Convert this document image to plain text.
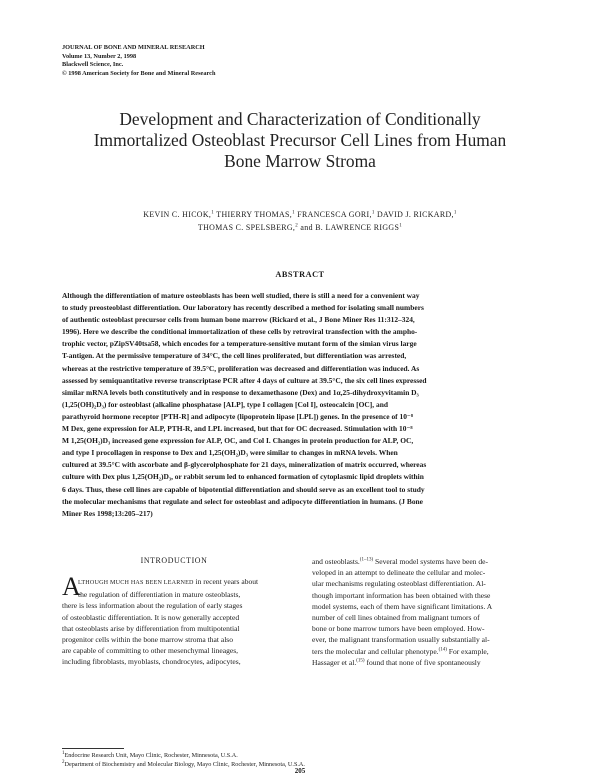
JOURNAL OF BONE AND MINERAL RESEARCH
Volume 13, Number 2, 1998
Blackwell Science, Inc.
© 1998 American Society for Bone and Mineral Research
Development and Characterization of Conditionally
Immortalized Osteoblast Precursor Cell Lines from Human
Bone Marrow Stroma
KEVIN C. HICOK,$^1$ THIERRY THOMAS,$^1$ FRANCESCA GORI,$^1$ DAVID J. RICKARD,$^1$
THOMAS C. SPELSBERG,$^2$ and B. LAWRENCE RIGGS$^1$
ABSTRACT
Although the differentiation of mature osteoblasts has been well studied, there is still a need for a convenient way
to study preosteoblast differentiation. Our laboratory has recently described a method for isolating small numbers
of authentic osteoblast precursor cells from human bone marrow (Rickard et al., J Bone Miner Res 11:312–324,
1996). Here we describe the conditional immortalization of these cells by retroviral transfection with the ampho-
trophic vector, pZipSV40tsa58, which encodes for a temperature-sensitive mutant form of the simian virus large
T-antigen. At the permissive temperature of 34°C, the cell lines proliferated, but differentiation was arrested,
whereas at the restrictive temperature of 39.5°C, proliferation was decreased and differentiation was induced. As
assessed by semiquantitative reverse transcriptase PCR after 4 days of culture at 39.5°C, the six cell lines expressed
similar mRNA levels both constitutively and in response to dexamethasone (Dex) and 1α,25-dihydroxyvitamin D₃
(1,25(OH)₂D₃) for osteoblast (alkaline phosphatase [ALP], type I collagen [Col I], osteocalcin [OC], and
parathyroid hormone receptor [PTH-R] and adipocyte (lipoprotein lipase [LPL]) genes. In the presence of 10⁻⁸
M Dex, gene expression for ALP, PTH-R, and LPL increased, but that for OC decreased. Stimulation with 10⁻⁸
M 1,25(OH₂)D₃ increased gene expression for ALP, OC, and Col I. Changes in protein production for ALP, OC,
and type I procollagen in response to Dex and 1,25(OH₂)D₃ were similar to changes in mRNA levels. When
cultured at 39.5°C with ascorbate and β-glycerolphosphate for 21 days, mineralization of matrix occurred, whereas
culture with Dex plus 1,25(OH₂)D₃, or rabbit serum led to enhanced formation of cytoplasmic lipid droplets within
6 days. Thus, these cell lines are capable of bipotential differentiation and should serve as an excellent tool to study
the molecular mechanisms that regulate and select for osteoblast and adipocyte differentiation in humans. (J Bone
Miner Res 1998;13:205–217)
INTRODUCTION
A
LTHOUGH MUCH HAS BEEN LEARNED in recent years about
the regulation of differentiation in mature osteoblasts,
there is less information about the regulation of early stages
of osteoblastic differentiation. It is now generally accepted
that osteoblasts arise by differentiation from multipotential
progenitor cells within the bone marrow stroma that also
are capable of committing to other mesenchymal lineages,
including fibroblasts, myoblasts, chondrocytes, adipocytes,
and osteoblasts.$^{(1-13)}$ Several model systems have been de-
veloped in an attempt to delineate the cellular and molec-
ular mechanisms regulating osteoblast differentiation. Al-
though important information has been obtained with these
model systems, each of them have significant limitations. A
number of cell lines obtained from malignant tumors of
bone or bone marrow tumors have been employed. How-
ever, the malignant transformation usually substantially al-
ters the molecular and cellular phenotype.$^{(14)}$ For example,
Hassager et al.$^{(15)}$ found that none of five spontaneously
$^1$Endocrine Research Unit, Mayo Clinic, Rochester, Minnesota, U.S.A.
$^2$Department of Biochemistry and Molecular Biology, Mayo Clinic, Rochester, Minnesota, U.S.A.
205
